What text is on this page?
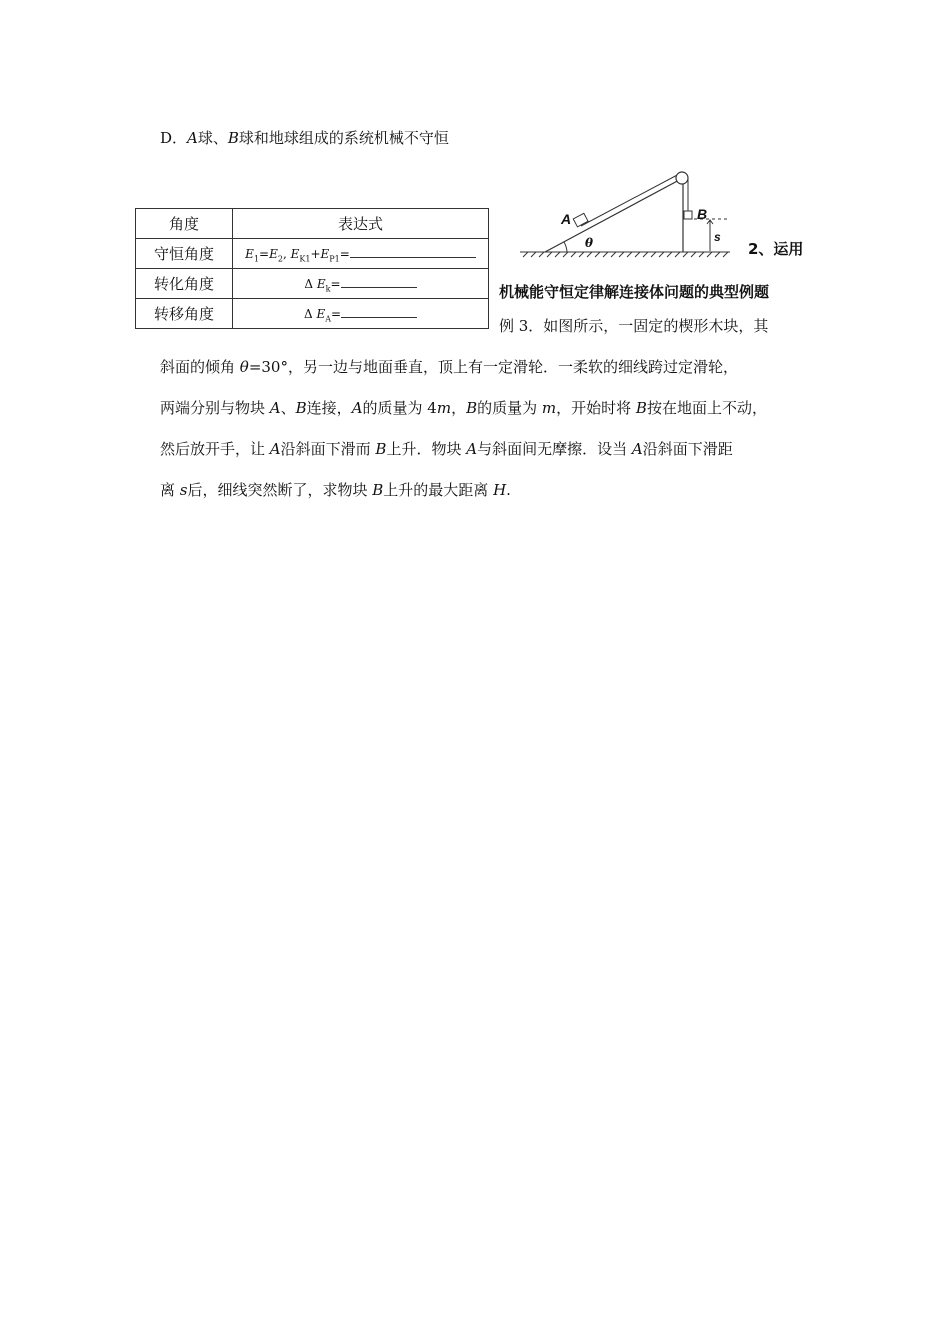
D．A球、B球和地球组成的系统机械不守恒
角度	表达式
守恒角度	$E_1=E_2$, $E_{K1}+E_{P1}=$
转化角度	Δ $E_k=$
转移角度	Δ $E_A=$
A	B
θ	s
2、运用
机械能守恒定律解连接体问题的典型例题
例 3．如图所示，一固定的楔形木块，其
斜面的倾角 θ=30°，另一边与地面垂直，顶上有一定滑轮．一柔软的细线跨过定滑轮，
两端分别与物块 A、B连接，A的质量为 4m，B的质量为 m，开始时将 B按在地面上不动，
然后放开手，让 A沿斜面下滑而 B上升．物块 A与斜面间无摩擦．设当 A沿斜面下滑距
离 s后，细线突然断了，求物块 B上升的最大距离 H.
